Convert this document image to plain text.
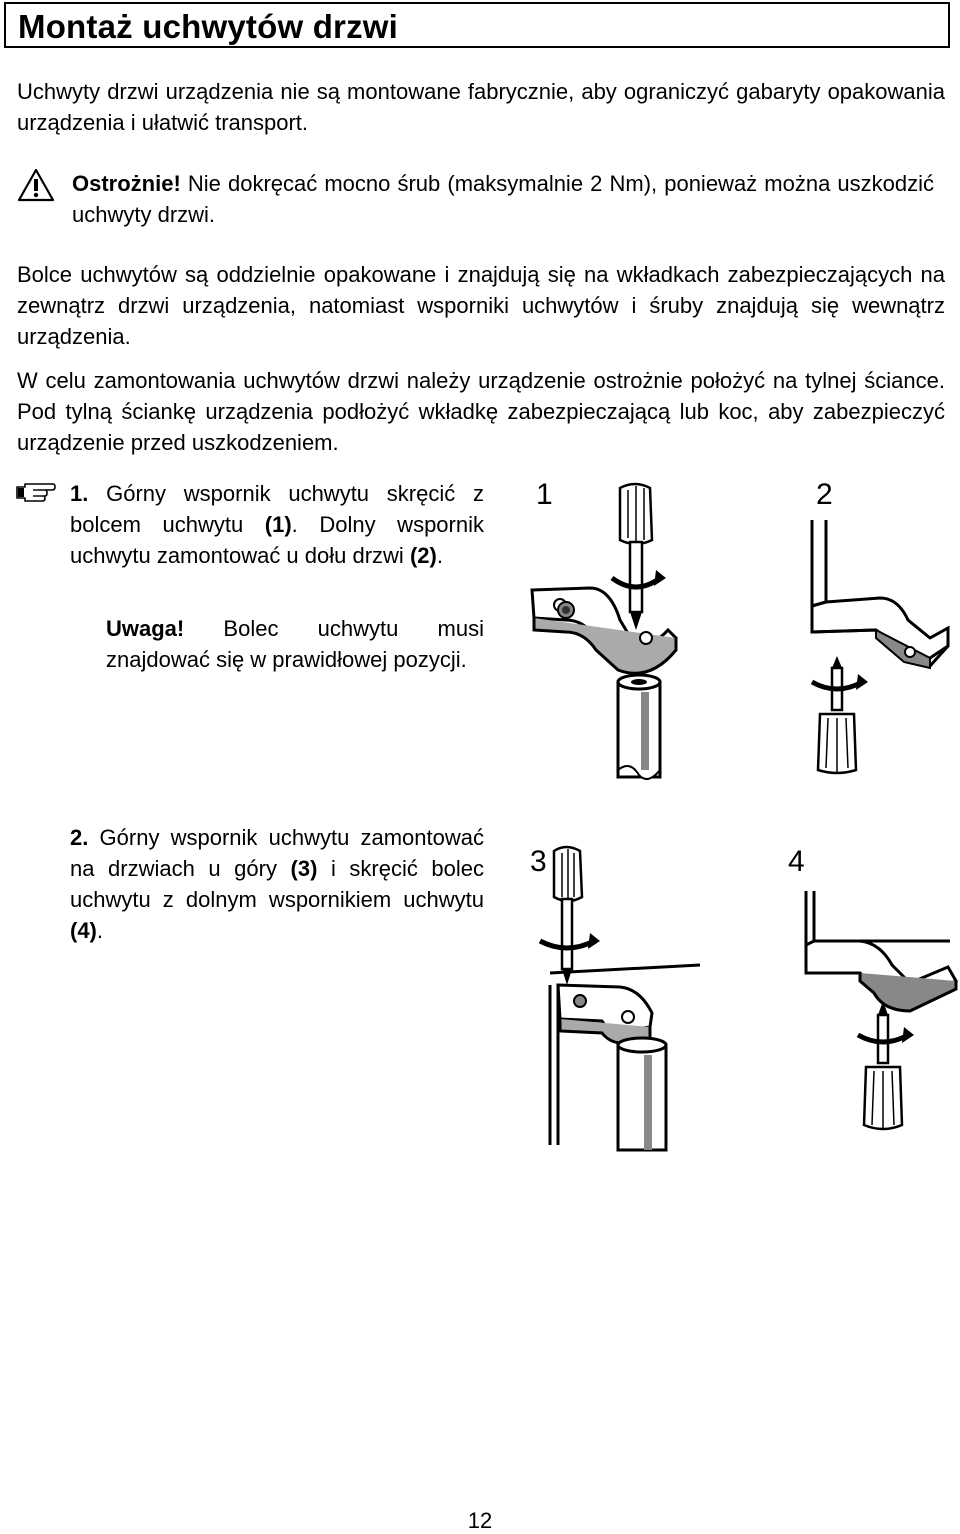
Montaż uchwytów drzwi

Uchwyty drzwi urządzenia nie są montowane fabrycznie, aby ograniczyć gabaryty opakowania urządzenia i ułatwić transport.

Ostrożnie! Nie dokręcać mocno śrub (maksymalnie 2 Nm), ponieważ można uszkodzić uchwyty drzwi.

Bolce uchwytów są oddzielnie opakowane i znajdują się na wkładkach zabezpieczających na zewnątrz drzwi urządzenia, natomiast wsporniki uchwytów i śruby znajdują się wewnątrz urządzenia.

W celu zamontowania uchwytów drzwi należy urządzenie ostrożnie położyć na tylnej ściance. Pod tylną ściankę urządzenia podłożyć wkładkę zabezpieczającą lub koc, aby zabezpieczyć urządzenie przed uszkodzeniem.

1. Górny wspornik uchwytu skręcić z bolcem uchwytu (1). Dolny wspornik uchwytu zamontować u dołu drzwi (2).

Uwaga! Bolec uchwytu musi znajdować się w prawidłowej pozycji.

2. Górny wspornik uchwytu zamontować na drzwiach u góry (3) i skręcić bolec uchwytu z dolnym wspornikiem uchwytu (4).

1	2
3	4
12
